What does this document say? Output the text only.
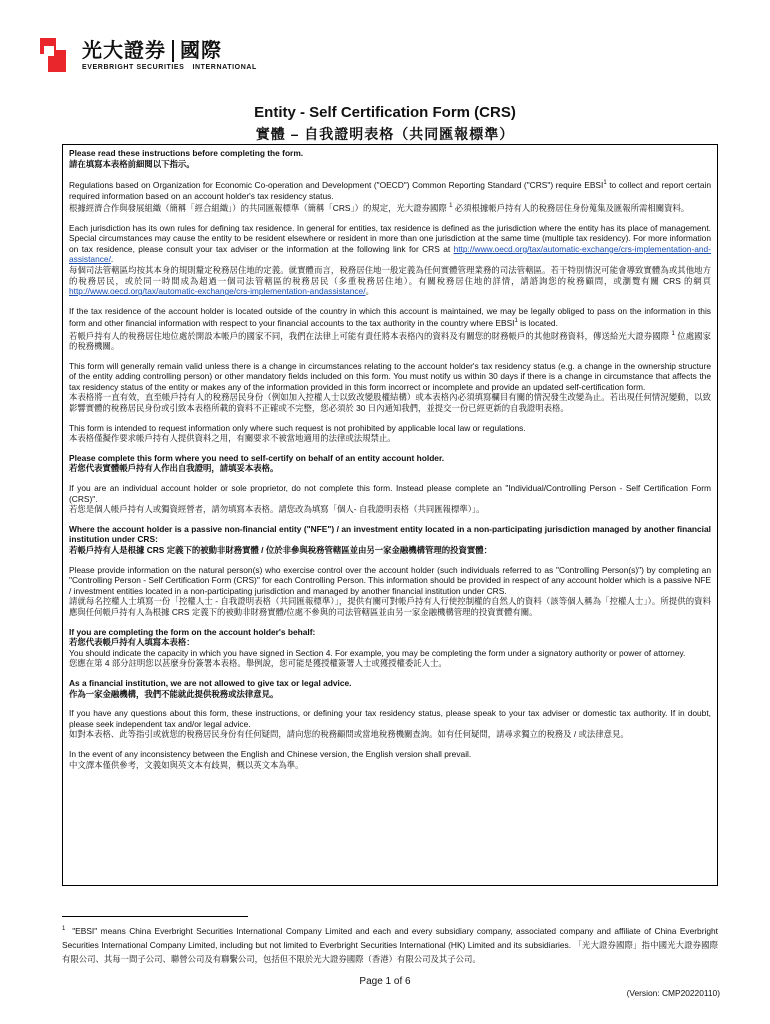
光大證券 國際
EVERBRIGHT SECURITIES INTERNATIONAL
Entity - Self Certification Form (CRS)
實體 – 自我證明表格（共同匯報標準）

Please read these instructions before completing the form.
請在填寫本表格前細閱以下指示。

Regulations based on Organization for Economic Co-operation and Development ("OECD") Common Reporting Standard ("CRS") require EBSI$^1$ to collect and report certain required information based on an account holder's tax residency status.
根據經濟合作與發展組織（簡稱「經合組織」）的共同匯報標準（簡稱「CRS」）的規定，光大證券國際 $^1$ 必須根據帳戶持有人的稅務居住身份蒐集及匯報所需相關資料。

Each jurisdiction has its own rules for defining tax residence. In general for entities, tax residence is defined as the jurisdiction where the entity has its place of management. Special circumstances may cause the entity to be resident elsewhere or resident in more than one jurisdiction at the same time (multiple tax residency). For more information on tax residence, please consult your tax adviser or the information at the following link for CRS at http://www.oecd.org/tax/automatic-exchange/crs-implementation-and-assistance/.
每個司法管轄區均按其本身的規則釐定稅務居住地的定義。就實體而言，稅務居住地一般定義為任何實體管理業務的司法管轄區。若干特別情況可能會導致實體為或其他地方的稅務居民，或於同一時間成為超過一個司法管轄區的稅務居民（多重稅務居住地）。有關稅務居住地的詳情，請諮詢您的稅務顧問，或瀏覽有關 CRS 的網頁 http://www.oecd.org/tax/automatic-exchange/crs-implementation-andassistance/。

If the tax residence of the account holder is located outside of the country in which this account is maintained, we may be legally obliged to pass on the information in this form and other financial information with respect to your financial accounts to the tax authority in the country where EBSI$^1$ is located.
若帳戶持有人的稅務居住地位處於開設本帳戶的國家不同，我們在法律上可能有責任將本表格內的資料及有關您的財務帳戶的其他財務資料，傳送給光大證券國際 $^1$ 位處國家的稅務機關。

This form will generally remain valid unless there is a change in circumstances relating to the account holder's tax residency status (e.g. a change in the ownership structure of the entity adding controlling person) or other mandatory fields included on this form. You must notify us within 30 days if there is a change in circumstance that affects the tax residency status of the entity or makes any of the information provided in this form incorrect or incomplete and provide an updated self-certification form.
本表格將一直有效，直至帳戶持有人的稅務居民身份（例如加入控權人士以致改變股權結構）或本表格內必須填寫欄目有關的情況發生改變為止。若出現任何情況變動，以致影響實體的稅務居民身份或引致本表格所載的資料不正確或不完整，您必須於 30 日內通知我們，並提交一份已經更新的自我證明表格。

This form is intended to request information only where such request is not prohibited by applicable local law or regulations.
本表格僅擬作要求帳戶持有人提供資料之用，有關要求不被當地適用的法律或法規禁止。

Please complete this form where you need to self-certify on behalf of an entity account holder.
若您代表實體帳戶持有人作出自我證明，請填妥本表格。

If you are an individual account holder or sole proprietor, do not complete this form. Instead please complete an "Individual/Controlling Person - Self Certification Form (CRS)".
若您是個人帳戶持有人或獨資經營者，請勿填寫本表格。請您改為填寫「個人- 自我證明表格（共同匯報標準）」。

Where the account holder is a passive non-financial entity ("NFE") / an investment entity located in a non-participating jurisdiction managed by another financial institution under CRS:
若帳戶持有人是根據 CRS 定義下的被動非財務實體 / 位於非參與稅務管轄區並由另一家金融機構管理的投資實體：

Please provide information on the natural person(s) who exercise control over the account holder (such individuals referred to as "Controlling Person(s)") by completing an "Controlling Person - Self Certification Form (CRS)" for each Controlling Person. This information should be provided in respect of any account holder which is a passive NFE / investment entities located in a non-participating jurisdiction and managed by another financial institution under CRS.
請就每名控權人士填寫一份「控權人士 - 自我證明表格（共同匯報標準）」，提供有關可對帳戶持有人行使控制權的自然人的資料（該等個人稱為「控權人士」）。所提供的資料應與任何帳戶持有人為根據 CRS 定義下的被動非財務實體/位處不參與的司法管轄區並由另一家金融機構管理的投資實體有關。

If you are completing the form on the account holder's behalf:
若您代表帳戶持有人填寫本表格：
You should indicate the capacity in which you have signed in Section 4. For example, you may be completing the form under a signatory authority or power of attorney.
您應在第 4 部分註明您以甚麼身份簽署本表格。舉例說，您可能是獲授權簽署人士或獲授權委託人士。

As a financial institution, we are not allowed to give tax or legal advice.
作為一家金融機構，我們不能就此提供稅務或法律意見。

If you have any questions about this form, these instructions, or defining your tax residency status, please speak to your tax adviser or domestic tax authority. If in doubt, please seek independent tax and/or legal advice.
如對本表格、此等指引或就您的稅務居民身份有任何疑問，請向您的稅務顧問或當地稅務機關查詢。如有任何疑問，請尋求獨立的稅務及 / 或法律意見。

In the event of any inconsistency between the English and Chinese version, the English version shall prevail.
中文譯本僅供參考，文義如與英文本有歧異，概以英文本為準。

$^1$ "EBSI" means China Everbright Securities International Company Limited and each and every subsidiary company, associated company and affiliate of China Everbright Securities International Company Limited, including but not limited to Everbright Securities International (HK) Limited and its subsidiaries. 「光大證券國際」指中國光大證券國際有限公司、其每一間子公司、聯營公司及有聯繫公司，包括但不限於光大證券國際（香港）有限公司及其子公司。
Page 1 of 6
(Version: CMP20220110)
